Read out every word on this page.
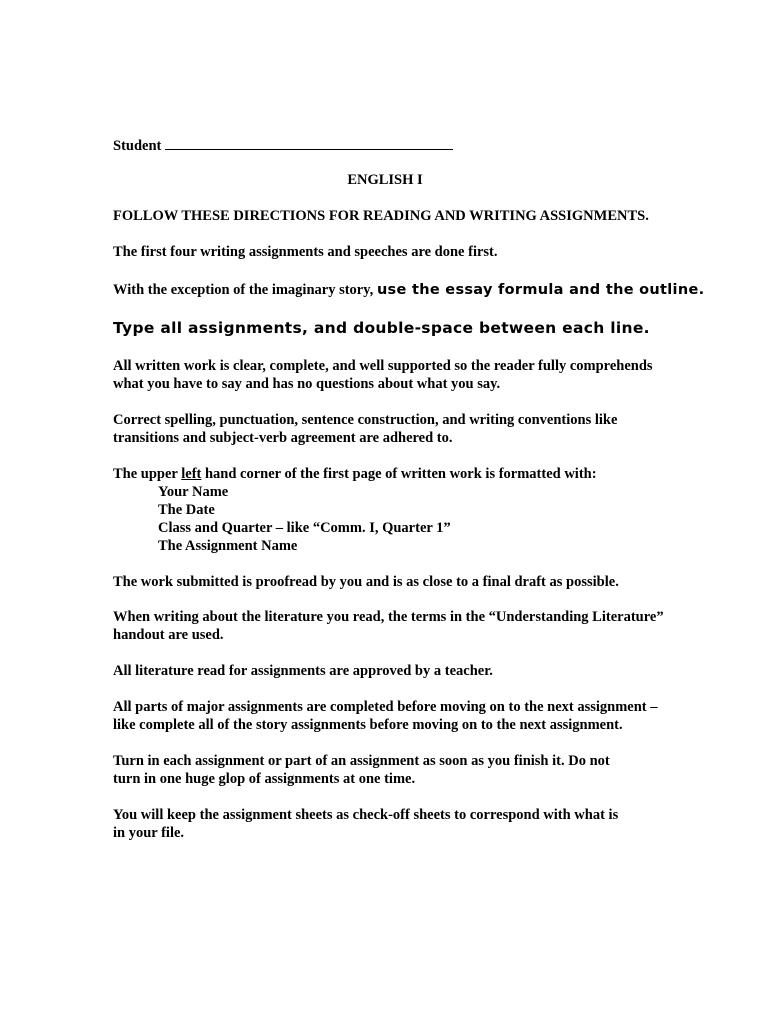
Student
ENGLISH I
FOLLOW THESE DIRECTIONS FOR READING AND WRITING ASSIGNMENTS.
The first four writing assignments and speeches are done first.
With the exception of the imaginary story, use the essay formula and the outline.
Type all assignments, and double-space between each line.
All written work is clear, complete, and well supported so the reader fully comprehends
what you have to say and has no questions about what you say.
Correct spelling, punctuation, sentence construction, and writing conventions like
transitions and subject-verb agreement are adhered to.
The upper left hand corner of the first page of written work is formatted with:
Your Name
The Date
Class and Quarter – like “Comm. I, Quarter 1”
The Assignment Name
The work submitted is proofread by you and is as close to a final draft as possible.
When writing about the literature you read, the terms in the “Understanding Literature”
handout are used.
All literature read for assignments are approved by a teacher.
All parts of major assignments are completed before moving on to the next assignment –
like complete all of the story assignments before moving on to the next assignment.
Turn in each assignment or part of an assignment as soon as you finish it. Do not
turn in one huge glop of assignments at one time.
You will keep the assignment sheets as check-off sheets to correspond with what is
in your file.
